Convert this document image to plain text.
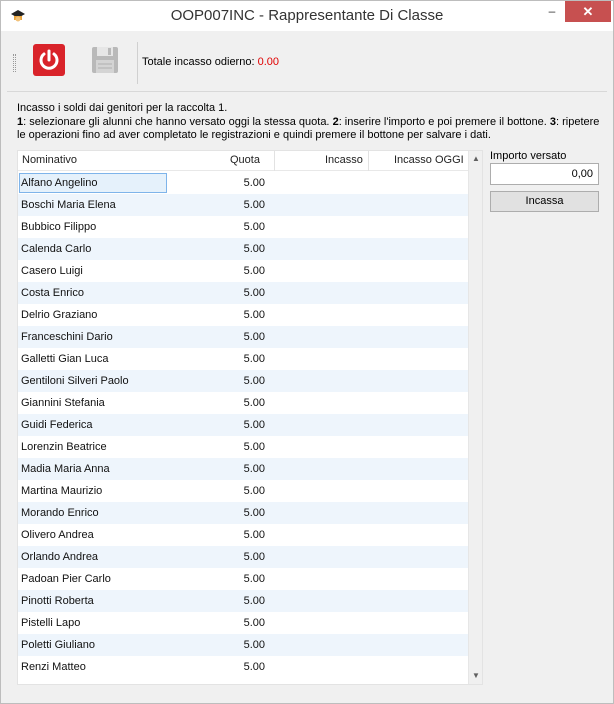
OOP007INC - Rappresentante Di Classe	–	✕
Totale incasso odierno: 0.00
Incasso i soldi dai genitori per la raccolta 1.
1: selezionare gli alunni che hanno versato oggi la stessa quota. 2: inserire l'importo e poi premere il bottone. 3: ripetere le operazioni fino ad aver completato le registrazioni e quindi premere il bottone per salvare i dati.
Nominativo	Quota	Incasso	Incasso OGGI
Alfano Angelino	5.00
Boschi Maria Elena	5.00
Bubbico Filippo	5.00
Calenda Carlo	5.00
Casero Luigi	5.00
Costa Enrico	5.00
Delrio Graziano	5.00
Franceschini Dario	5.00
Galletti Gian Luca	5.00
Gentiloni Silveri Paolo	5.00
Giannini Stefania	5.00
Guidi Federica	5.00
Lorenzin Beatrice	5.00
Madia Maria Anna	5.00
Martina Maurizio	5.00
Morando Enrico	5.00
Olivero Andrea	5.00
Orlando Andrea	5.00
Padoan Pier Carlo	5.00
Pinotti Roberta	5.00
Pistelli Lapo	5.00
Poletti Giuliano	5.00
Renzi Matteo	5.00
▲
▼
Importo versato
0,00
Incassa
